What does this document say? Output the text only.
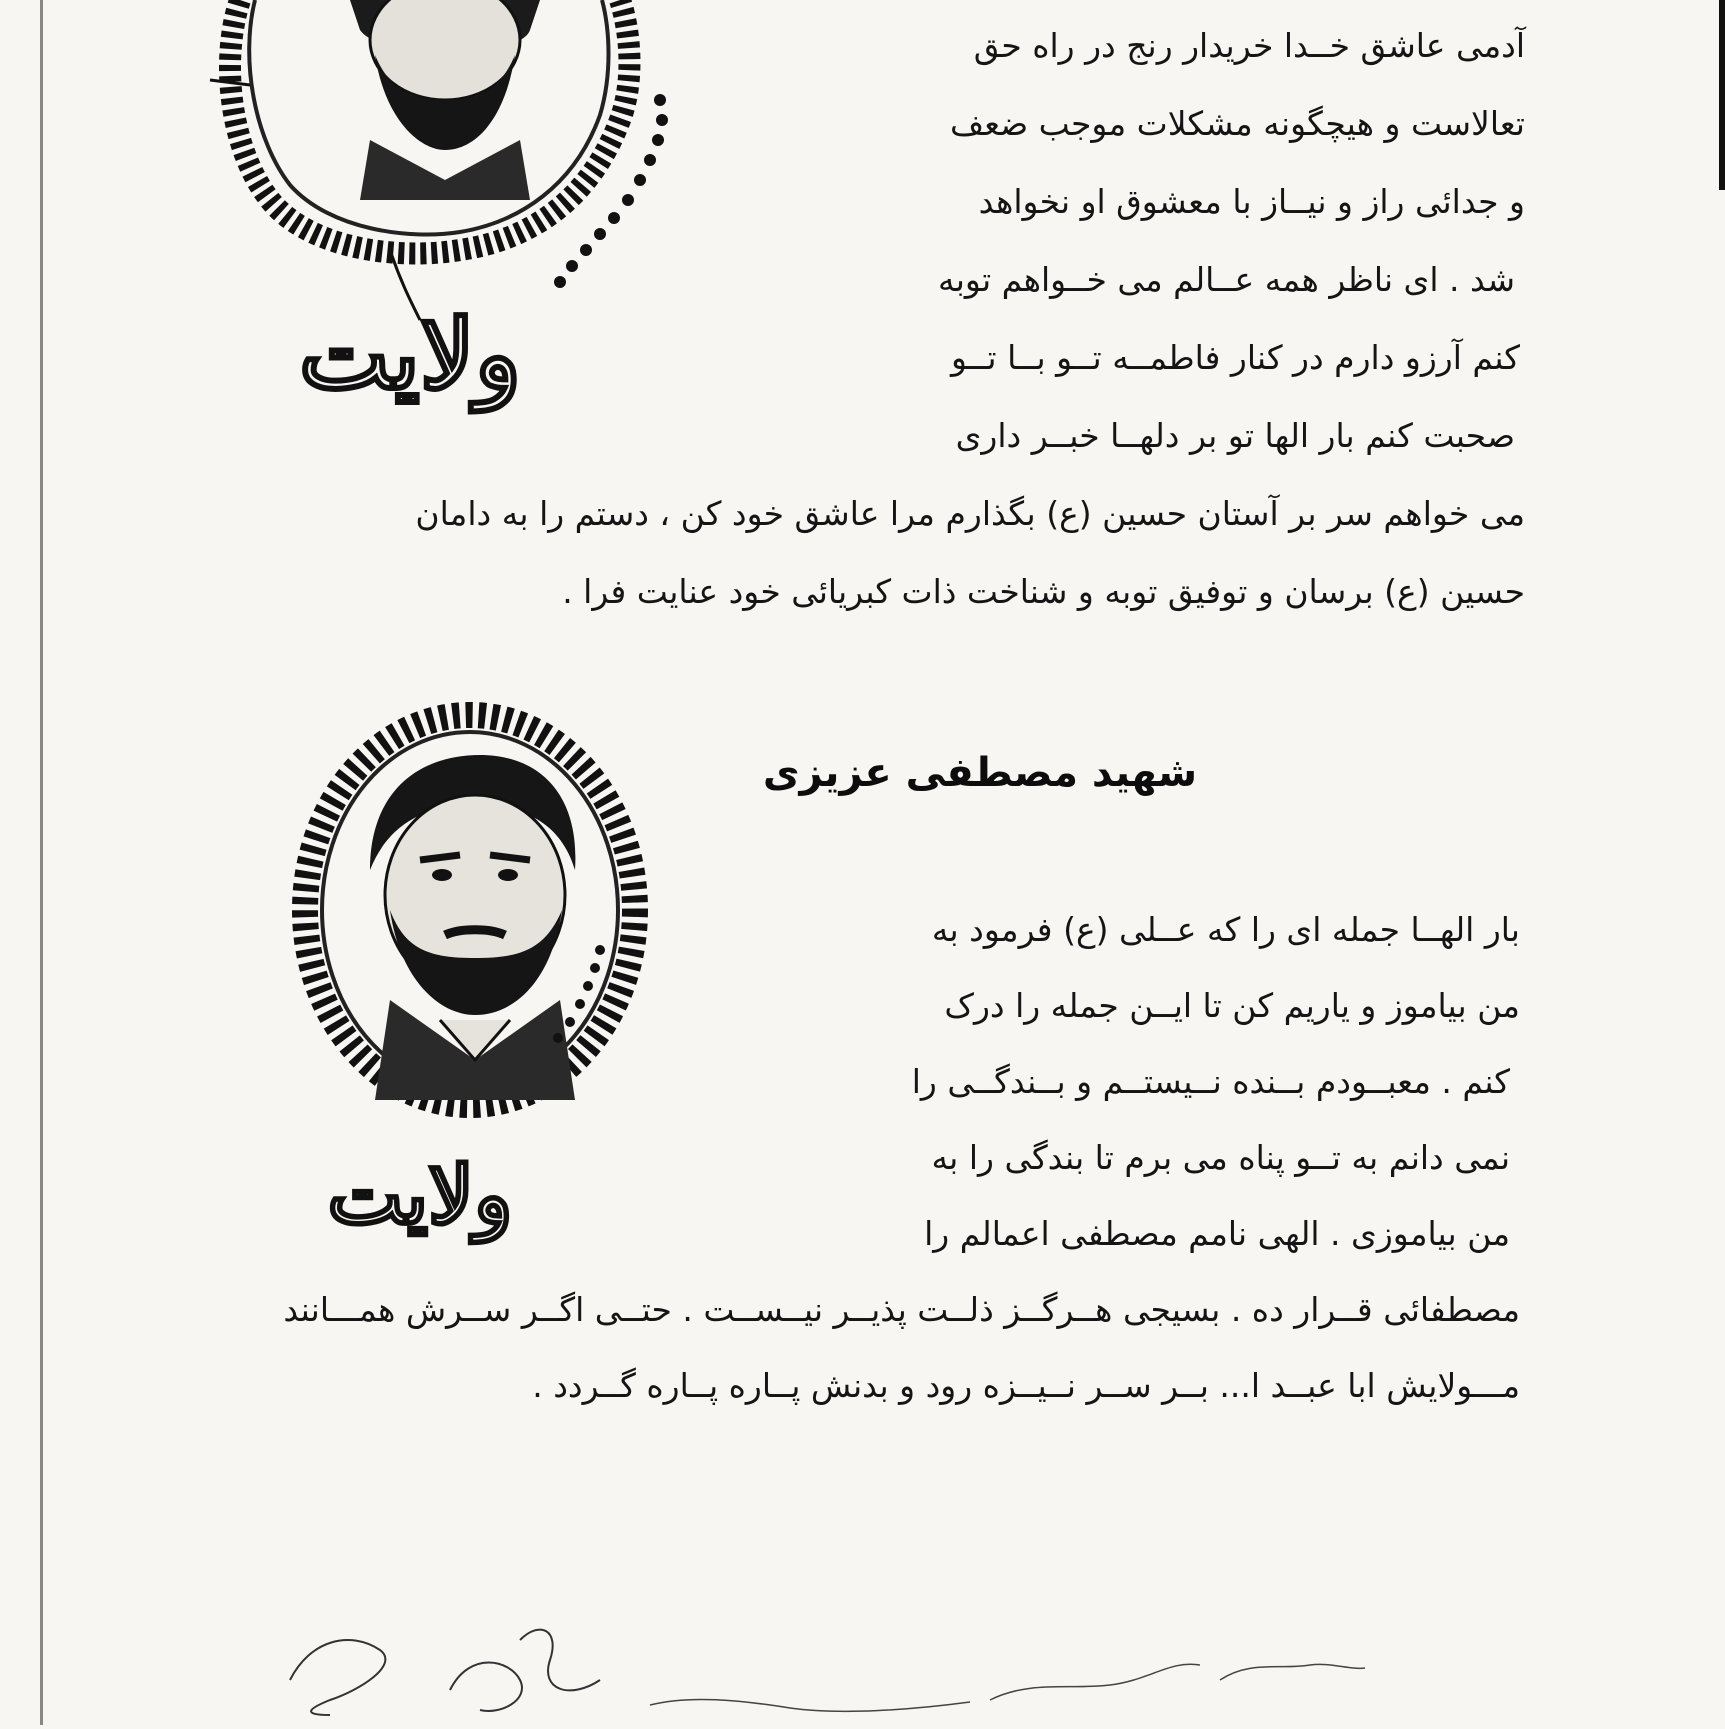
ولایت
آدمی عاشق خــدا خریدار رنج در راه حق
تعالاست و هیچگونه مشکلات موجب ضعف
و جدائی راز و نیــاز با معشوق او نخواهد
شد . ای ناظر همه عــالم می خــواهم توبه
کنم آرزو دارم در کنار فاطمــه تــو بــا تــو
صحبت کنم بار الها تو بر دلهــا خبــر داری
می خواهم سر بر آستان حسین (ع) بگذارم مرا عاشق خود کن ، دستم را به دامان
حسین (ع) برسان و توفیق توبه و شناخت ذات کبریائی خود عنایت فرا .
شهید مصطفی عزیزی
ولایت
بار الهــا جمله ای را که عــلی (ع) فرمود به
من بیاموز و یاریم کن تا ایــن جمله را درک
کنم . معبــودم بــنده نــیستــم و بــندگــی را
نمی دانم به تــو پناه می برم تا بندگی را به
من بیاموزی . الهی نامم مصطفی اعمالم را
مصطفائی قــرار ده . بسیجی هــرگــز ذلــت پذیــر نیــســت . حتــی اگــر ســرش همـــانند
مـــولایش ابا عبــد ا... بــر ســر نــیــزه رود و بدنش پــاره پــاره گــردد .
